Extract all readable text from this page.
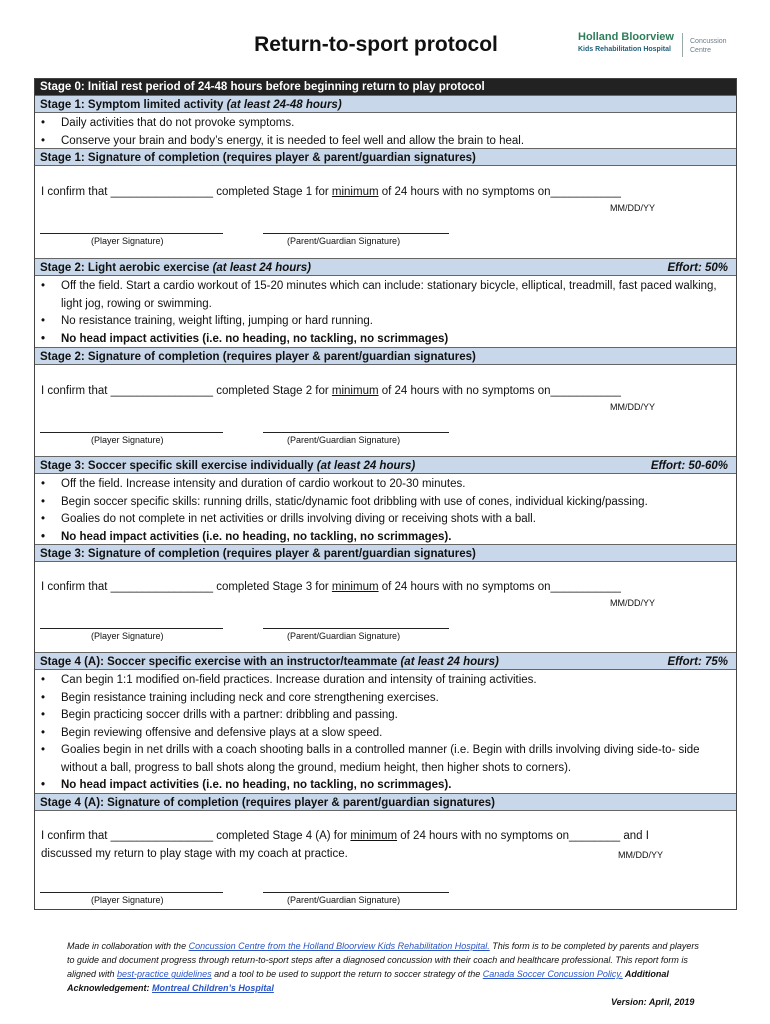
Return-to-sport protocol	Holland Bloorview
Kids Rehabilitation Hospital
Concussion
Centre
Stage 0: Initial rest period of 24-48 hours before beginning return to play protocol
Stage 1: Symptom limited activity (at least 24-48 hours)
• Daily activities that do not provoke symptoms.
• Conserve your brain and body’s energy, it is needed to feel well and allow the brain to heal.
Stage 1: Signature of completion (requires player & parent/guardian signatures)
I confirm that ________________ completed Stage 1 for minimum of 24 hours with no symptoms on___________
MM/DD/YY
(Player Signature)	(Parent/Guardian Signature)
Stage 2: Light aerobic exercise (at least 24 hours)	Effort: 50%
• Off the field. Start a cardio workout of 15-20 minutes which can include: stationary bicycle, elliptical, treadmill, fast paced walking, light jog, rowing or swimming.
• No resistance training, weight lifting, jumping or hard running.
• No head impact activities (i.e. no heading, no tackling, no scrimmages)
Stage 2: Signature of completion (requires player & parent/guardian signatures)
I confirm that ________________ completed Stage 2 for minimum of 24 hours with no symptoms on___________
MM/DD/YY
(Player Signature)	(Parent/Guardian Signature)
Stage 3: Soccer specific skill exercise individually (at least 24 hours)	Effort: 50-60%
• Off the field. Increase intensity and duration of cardio workout to 20-30 minutes.
• Begin soccer specific skills: running drills, static/dynamic foot dribbling with use of cones, individual kicking/passing.
• Goalies do not complete in net activities or drills involving diving or receiving shots with a ball.
• No head impact activities (i.e. no heading, no tackling, no scrimmages).
Stage 3: Signature of completion (requires player & parent/guardian signatures)
I confirm that ________________ completed Stage 3 for minimum of 24 hours with no symptoms on___________
MM/DD/YY
(Player Signature)	(Parent/Guardian Signature)
Stage 4 (A): Soccer specific exercise with an instructor/teammate (at least 24 hours)	Effort: 75%
• Can begin 1:1 modified on-field practices. Increase duration and intensity of training activities.
• Begin resistance training including neck and core strengthening exercises.
• Begin practicing soccer drills with a partner: dribbling and passing.
• Begin reviewing offensive and defensive plays at a slow speed.
• Goalies begin in net drills with a coach shooting balls in a controlled manner (i.e. Begin with drills involving diving side-to- side without a ball, progress to ball shots along the ground, medium height, then higher shots to corners).
• No head impact activities (i.e. no heading, no tackling, no scrimmages).
Stage 4 (A): Signature of completion (requires player & parent/guardian signatures)
I confirm that ________________ completed Stage 4 (A) for minimum of 24 hours with no symptoms on________ and I
discussed my return to play stage with my coach at practice.	MM/DD/YY
(Player Signature)	(Parent/Guardian Signature)
Made in collaboration with the Concussion Centre from the Holland Bloorview Kids Rehabilitation Hospital. This form is to be completed by parents and players to guide and document progress through return-to-sport steps after a diagnosed concussion with their coach and healthcare professional. This report form is aligned with best-practice guidelines and a tool to be used to support the return to soccer strategy of the Canada Soccer Concussion Policy. Additional Acknowledgement: Montreal Children’s Hospital
Version: April, 2019
